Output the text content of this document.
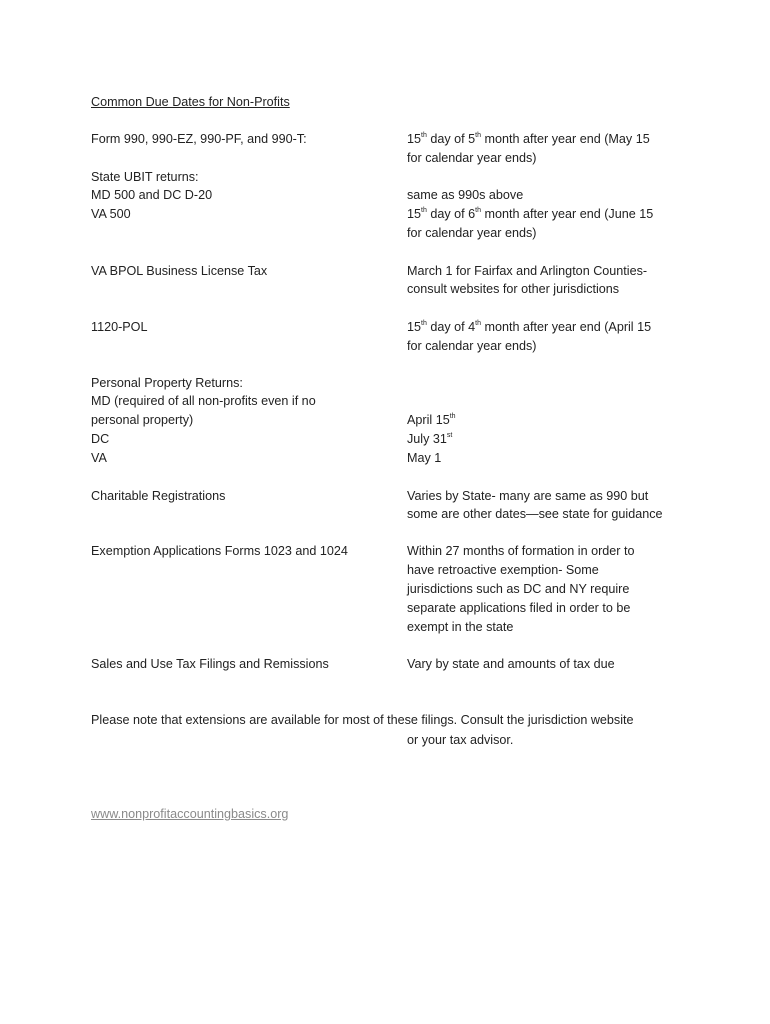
Common Due Dates for Non-Profits
Form 990, 990-EZ, 990-PF, and 990-T:	15th day of 5th month after year end (May 15
for calendar year ends)
State UBIT returns:
MD 500 and DC D-20	same as 990s above
VA 500	15th day of 6th month after year end (June 15
for calendar year ends)
VA BPOL Business License Tax	March 1 for Fairfax and Arlington Counties-
consult websites for other jurisdictions
1120-POL	15th day of 4th month after year end (April 15
for calendar year ends)
Personal Property Returns:
MD (required of all non-profits even if no
personal property)	April 15th
DC	July 31st
VA	May 1
Charitable Registrations	Varies by State- many are same as 990 but
some are other dates—see state for guidance
Exemption Applications Forms 1023 and 1024	Within 27 months of formation in order to
have retroactive exemption- Some
jurisdictions such as DC and NY require
separate applications filed in order to be
exempt in the state
Sales and Use Tax Filings and Remissions	Vary by state and amounts of tax due
Please note that extensions are available for most of these filings. Consult the jurisdiction website
or your tax advisor.
www.nonprofitaccountingbasics.org
